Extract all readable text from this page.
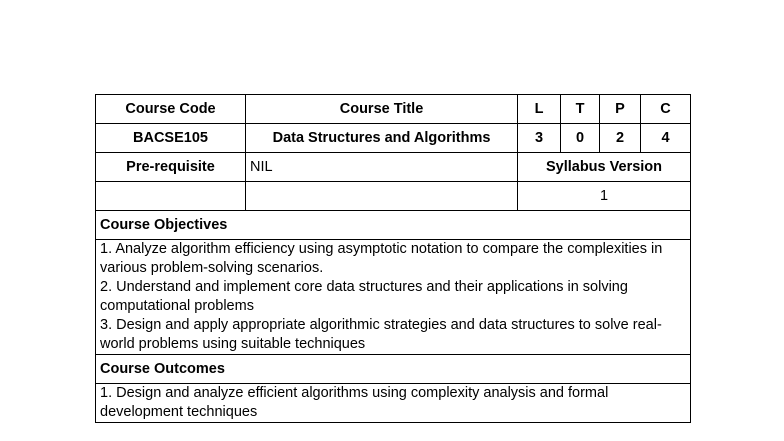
Course Code	Course Title	L	T	P	C
BACSE105	Data Structures and Algorithms	3	0	2	4
Pre-requisite	NIL	Syllabus Version			
		1			
Course Objectives					

1. Analyze algorithm efficiency using asymptotic notation to compare the complexities in various problem-solving scenarios.
2. Understand and implement core data structures and their applications in solving computational problems
3. Design and apply appropriate algorithmic strategies and data structures to solve real-world problems using suitable techniques					

Course Outcomes					

1. Design and analyze efficient algorithms using complexity analysis and formal development techniques					
